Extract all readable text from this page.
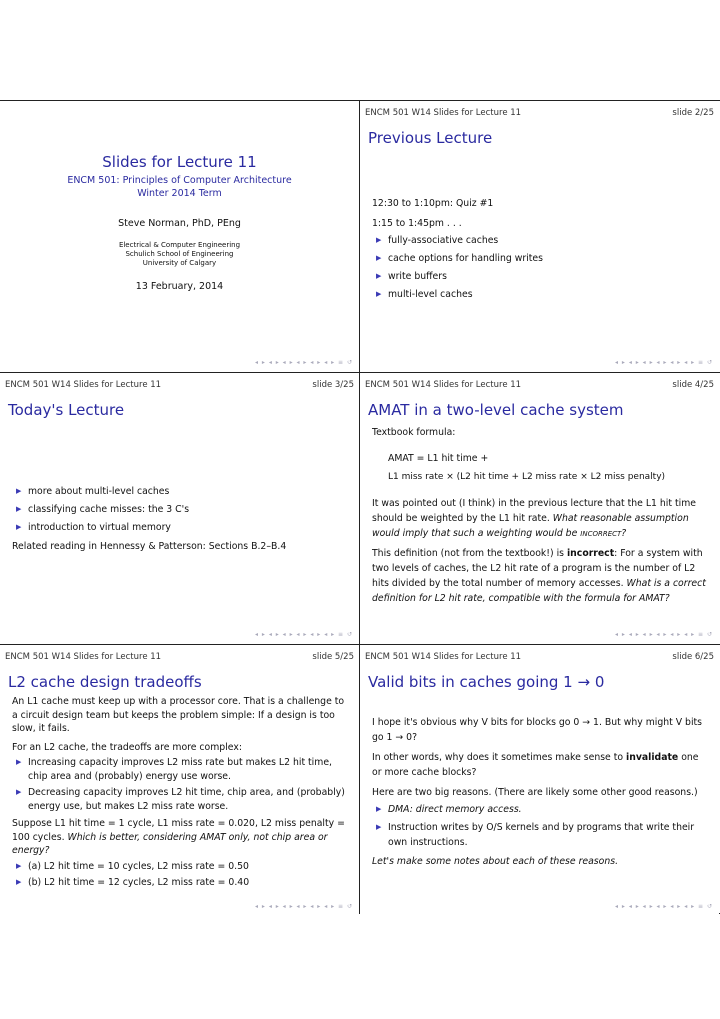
Slides for Lecture 11
ENCM 501: Principles of Computer Architecture
Winter 2014 Term
Steve Norman, PhD, PEng
Electrical & Computer Engineering
Schulich School of Engineering
University of Calgary
13 February, 2014
◂ ▸ ◂ ▸ ◂ ▸ ◂ ▸ ◂ ▸ ◂ ▸ ≡ ↺
ENCM 501 W14 Slides for Lecture 11	slide 2/25
Previous Lecture

12:30 to 1:10pm: Quiz #1

1:15 to 1:45pm . . .

▶ fully-associative caches
▶ cache options for handling writes
▶ write buffers
▶ multi-level caches
◂ ▸ ◂ ▸ ◂ ▸ ◂ ▸ ◂ ▸ ◂ ▸ ≡ ↺
ENCM 501 W14 Slides for Lecture 11	slide 3/25
Today's Lecture
▶ more about multi-level caches
▶ classifying cache misses: the 3 C's
▶ introduction to virtual memory

Related reading in Hennessy & Patterson: Sections B.2–B.4

◂ ▸ ◂ ▸ ◂ ▸ ◂ ▸ ◂ ▸ ◂ ▸ ≡ ↺
ENCM 501 W14 Slides for Lecture 11	slide 4/25
AMAT in a two-level cache system

Textbook formula:

AMAT = L1 hit time +
L1 miss rate × (L2 hit time + L2 miss rate × L2 miss penalty)

It was pointed out (I think) in the previous lecture that the L1 hit time should be weighted by the L1 hit rate. What reasonable assumption would imply that such a weighting would be incorrect?

This definition (not from the textbook!) is incorrect: For a system with two levels of caches, the L2 hit rate of a program is the number of L2 hits divided by the total number of memory accesses. What is a correct definition for L2 hit rate, compatible with the formula for AMAT?

◂ ▸ ◂ ▸ ◂ ▸ ◂ ▸ ◂ ▸ ◂ ▸ ≡ ↺
ENCM 501 W14 Slides for Lecture 11	slide 5/25
L2 cache design tradeoffs

An L1 cache must keep up with a processor core. That is a challenge to a circuit design team but keeps the problem simple: If a design is too slow, it fails.

For an L2 cache, the tradeoffs are more complex:

▶ Increasing capacity improves L2 miss rate but makes L2 hit time, chip area and (probably) energy use worse.
▶ Decreasing capacity improves L2 hit time, chip area, and (probably) energy use, but makes L2 miss rate worse.

Suppose L1 hit time = 1 cycle, L1 miss rate = 0.020, L2 miss penalty = 100 cycles. Which is better, considering AMAT only, not chip area or energy?

▶ (a) L2 hit time = 10 cycles, L2 miss rate = 0.50
▶ (b) L2 hit time = 12 cycles, L2 miss rate = 0.40
◂ ▸ ◂ ▸ ◂ ▸ ◂ ▸ ◂ ▸ ◂ ▸ ≡ ↺
ENCM 501 W14 Slides for Lecture 11	slide 6/25
Valid bits in caches going 1 → 0

I hope it's obvious why V bits for blocks go 0 → 1. But why might V bits go 1 → 0?

In other words, why does it sometimes make sense to invalidate one or more cache blocks?

Here are two big reasons. (There are likely some other good reasons.)

▶ DMA: direct memory access.
▶ Instruction writes by O/S kernels and by programs that write their own instructions.

Let's make some notes about each of these reasons.

◂ ▸ ◂ ▸ ◂ ▸ ◂ ▸ ◂ ▸ ◂ ▸ ≡ ↺
